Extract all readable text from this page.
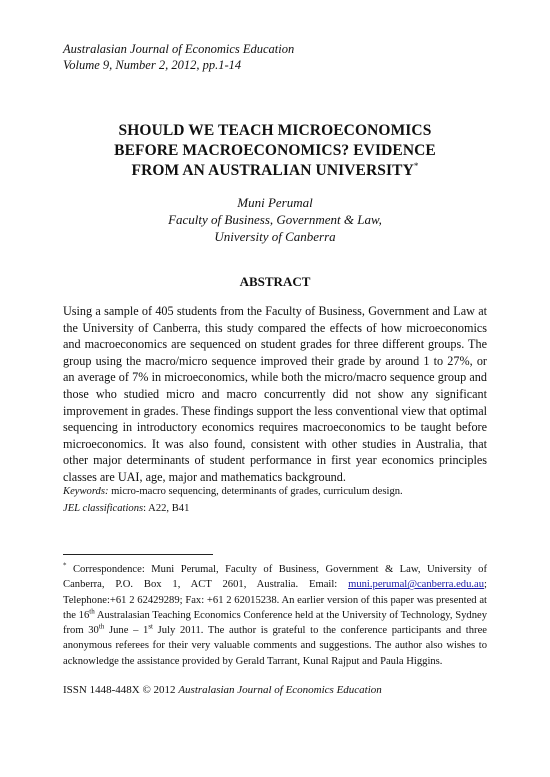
Australasian Journal of Economics Education
Volume 9, Number 2, 2012, pp.1-14
SHOULD WE TEACH MICROECONOMICS
BEFORE MACROECONOMICS? EVIDENCE
FROM AN AUSTRALIAN UNIVERSITY*
Muni Perumal
Faculty of Business, Government & Law,
University of Canberra
ABSTRACT
Using a sample of 405 students from the Faculty of Business, Government and Law at the University of Canberra, this study compared the effects of how microeconomics and macroeconomics are sequenced on student grades for three different groups. The group using the macro/micro sequence improved their grade by around 1 to 27%, or an average of 7% in microeconomics, while both the micro/macro sequence group and those who studied micro and macro concurrently did not show any significant improvement in grades. These findings support the less conventional view that optimal sequencing in introductory economics requires macroeconomics to be taught before microeconomics. It was also found, consistent with other studies in Australia, that other major determinants of student performance in first year economics principles classes are UAI, age, major and mathematics background.
Keywords: micro-macro sequencing, determinants of grades, curriculum design.
JEL classifications: A22, B41
* Correspondence: Muni Perumal, Faculty of Business, Government & Law, University of Canberra, P.O. Box 1, ACT 2601, Australia. Email: muni.perumal@canberra.edu.au; Telephone:+61 2 62429289; Fax: +61 2 62015238. An earlier version of this paper was presented at the 16th Australasian Teaching Economics Conference held at the University of Technology, Sydney from 30th June – 1st July 2011. The author is grateful to the conference participants and three anonymous referees for their very valuable comments and suggestions. The author also wishes to acknowledge the assistance provided by Gerald Tarrant, Kunal Rajput and Paula Higgins.
ISSN 1448-448X © 2012 Australasian Journal of Economics Education
